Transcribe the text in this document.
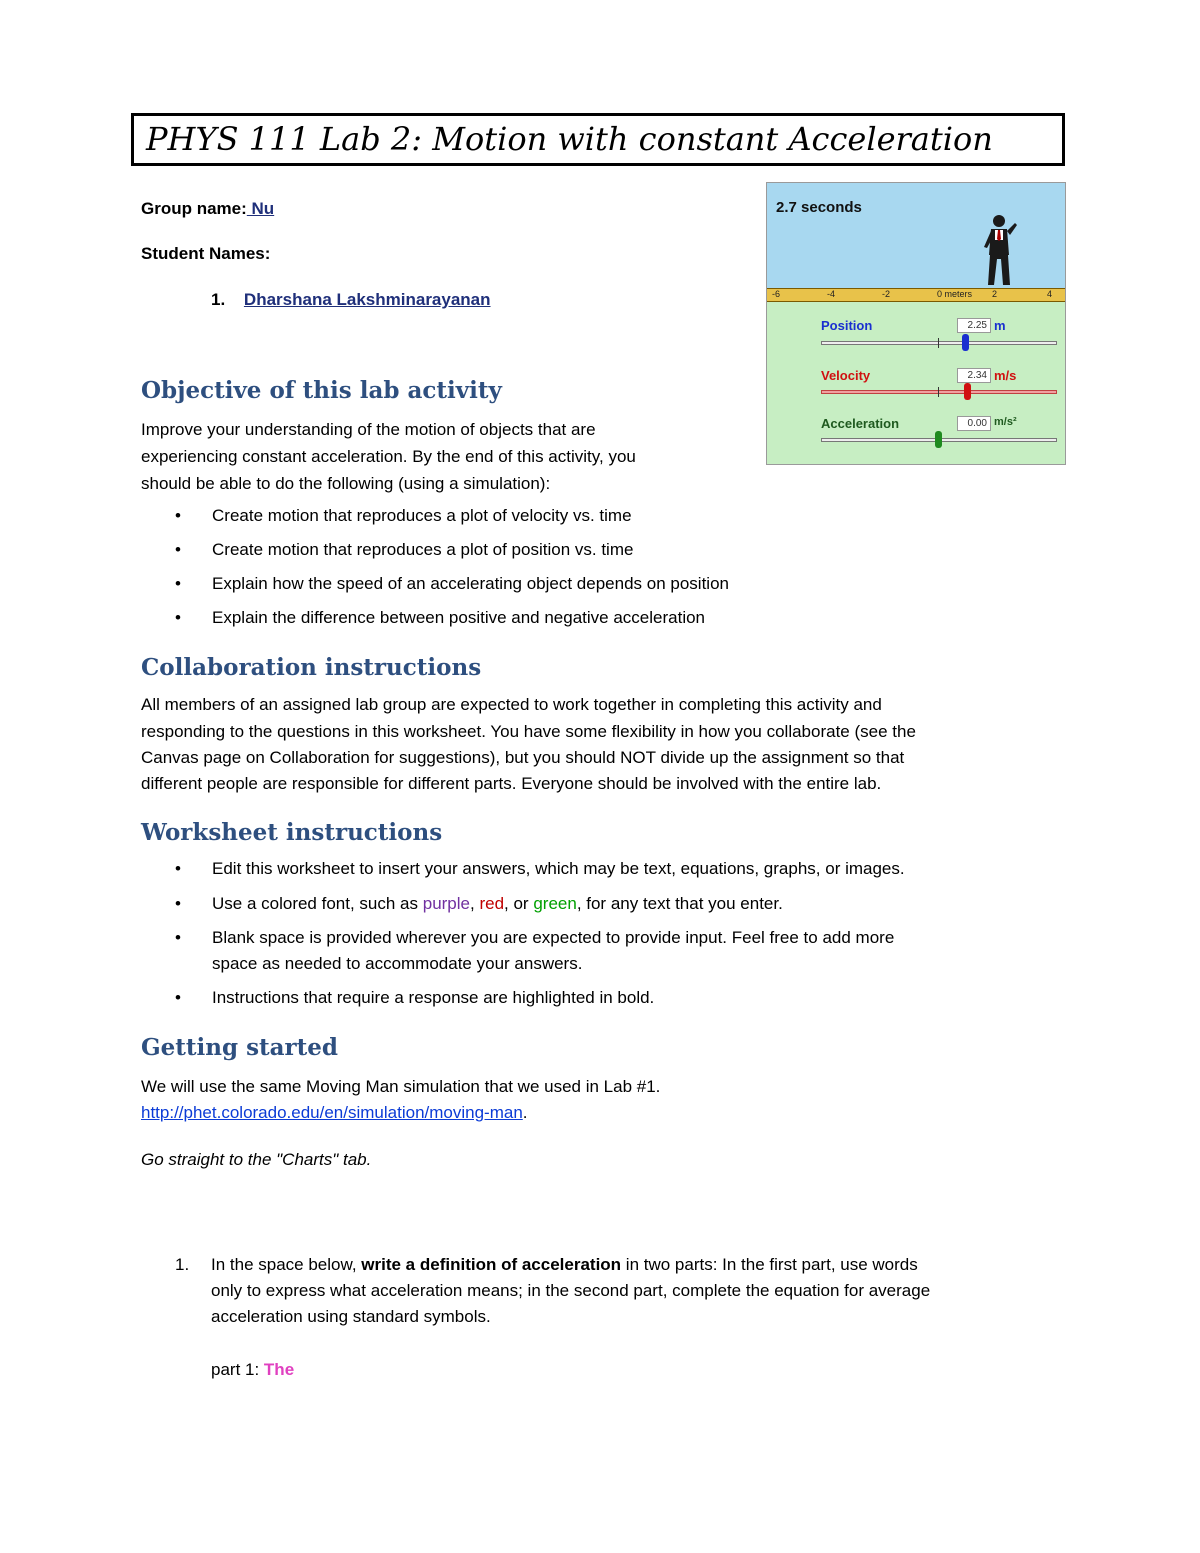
PHYS 111 Lab 2: Motion with constant Acceleration
Group name: Nu
Student Names:
1. Dharshana Lakshminarayanan
2.7 seconds
-6	-4	-2	0 meters 2	4
Position	2.25 m
Velocity	2.34 m/s
Acceleration	0.00 m/s²
Objective of this lab activity
Improve your understanding of the motion of objects that are
experiencing constant acceleration. By the end of this activity, you
should be able to do the following (using a simulation):
• Create motion that reproduces a plot of velocity vs. time
• Create motion that reproduces a plot of position vs. time
• Explain how the speed of an accelerating object depends on position
• Explain the difference between positive and negative acceleration
Collaboration instructions
All members of an assigned lab group are expected to work together in completing this activity and
responding to the questions in this worksheet. You have some flexibility in how you collaborate (see the
Canvas page on Collaboration for suggestions), but you should NOT divide up the assignment so that
different people are responsible for different parts. Everyone should be involved with the entire lab.
Worksheet instructions
• Edit this worksheet to insert your answers, which may be text, equations, graphs, or images.
• Use a colored font, such as purple, red, or green, for any text that you enter.
• Blank space is provided wherever you are expected to provide input. Feel free to add more
space as needed to accommodate your answers.
• Instructions that require a response are highlighted in bold.
Getting started
We will use the same Moving Man simulation that we used in Lab #1.
http://phet.colorado.edu/en/simulation/moving-man.
Go straight to the "Charts" tab.
1. In the space below, write a definition of acceleration in two parts: In the first part, use words
only to express what acceleration means; in the second part, complete the equation for average
acceleration using standard symbols.
part 1: The
